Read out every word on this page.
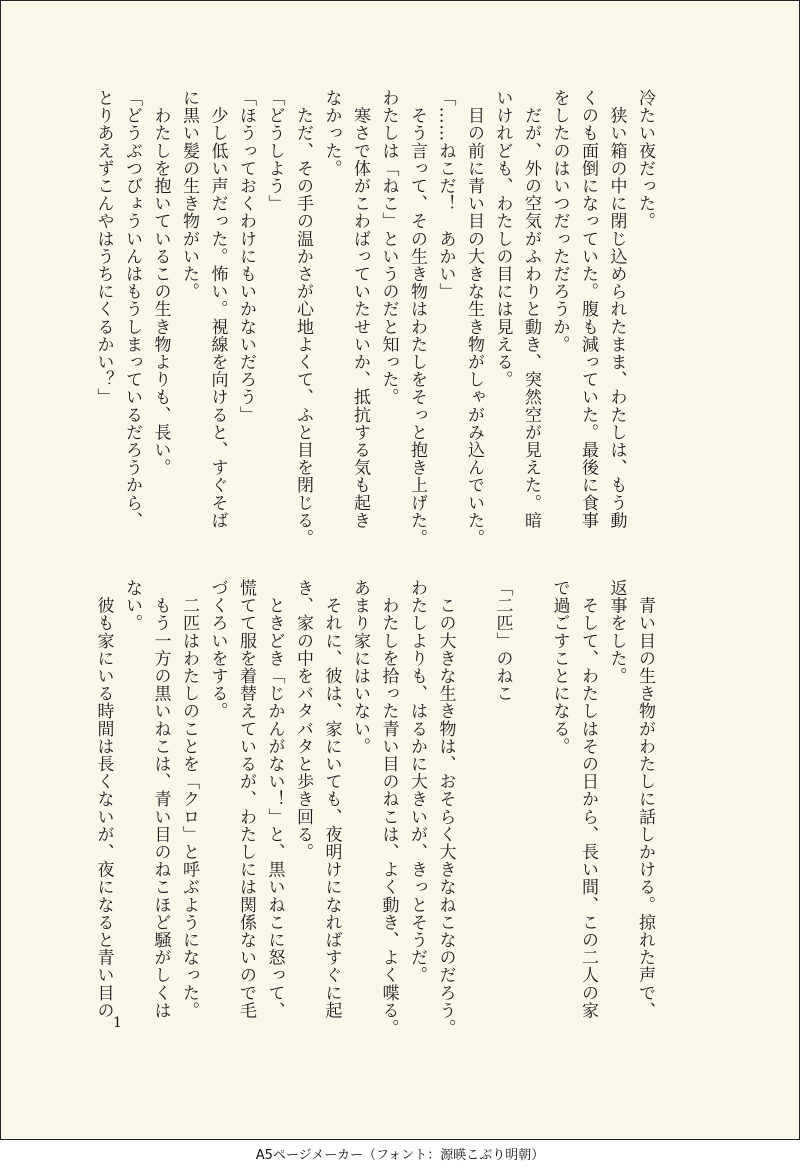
冷たい夜だった。

　狭い箱の中に閉じ込められたまま、わたしは、もう動

くのも面倒になっていた。腹も減っていた。最後に食事

をしたのはいつだっただろうか。

　だが、外の空気がふわりと動き、突然空が見えた。暗

いけれども、わたしの目には見える。

　目の前に青い目の大きな生き物がしゃがみ込んでいた。

「……ねこだ！　あかい」

　そう言って、その生き物はわたしをそっと抱き上げた。

わたしは「ねこ」というのだと知った。

　寒さで体がこわばっていたせいか、抵抗する気も起き

なかった。

　ただ、その手の温かさが心地よくて、ふと目を閉じる。

「どうしよう」

「ほうっておくわけにもいかないだろう」

　少し低い声だった。怖い。視線を向けると、すぐそば

に黒い髪の生き物がいた。

　わたしを抱いているこの生き物よりも、長い。

「どうぶつびょういんはもうしまっているだろうから、

とりあえずこんやはうちにくるかい？」

　青い目の生き物がわたしに話しかける。掠れた声で、

返事をした。

　そして、わたしはその日から、長い間、この二人の家

で過ごすことになる。

「二匹」のねこ

　この大きな生き物は、おそらく大きなねこなのだろう。

わたしよりも、はるかに大きいが、きっとそうだ。

　わたしを拾った青い目のねこは、よく動き、よく喋る。

あまり家にはいない。

　それに、彼は、家にいても、夜明けになればすぐに起

き、家の中をバタバタと歩き回る。

　ときどき「じかんがない！」と、黒いねこに怒って、

慌てて服を着替えているが、わたしには関係ないので毛

づくろいをする。

　二匹はわたしのことを「クロ」と呼ぶようになった。

　もう一方の黒いねこは、青い目のねこほど騒がしくは

ない。

　彼も家にいる時間は長くないが、夜になると青い目の

1
A5ページメーカー（フォント：源暎こぶり明朝）
